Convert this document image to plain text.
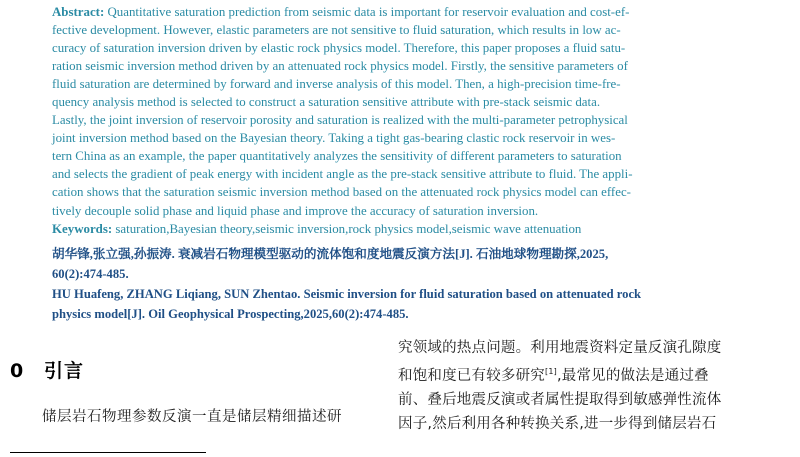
Abstract: Quantitative saturation prediction from seismic data is important for reservoir evaluation and cost-ef-

fective development. However, elastic parameters are not sensitive to fluid saturation, which results in low ac-

curacy of saturation inversion driven by elastic rock physics model. Therefore, this paper proposes a fluid satu-

ration seismic inversion method driven by an attenuated rock physics model. Firstly, the sensitive parameters of

fluid saturation are determined by forward and inverse analysis of this model. Then, a high-precision time-fre-

quency analysis method is selected to construct a saturation sensitive attribute with pre-stack seismic data.

Lastly, the joint inversion of reservoir porosity and saturation is realized with the multi-parameter petrophysical

joint inversion method based on the Bayesian theory. Taking a tight gas-bearing clastic rock reservoir in wes-

tern China as an example, the paper quantitatively analyzes the sensitivity of different parameters to saturation

and selects the gradient of peak energy with incident angle as the pre-stack sensitive attribute to fluid. The appli-

cation shows that the saturation seismic inversion method based on the attenuated rock physics model can effec-

tively decouple solid phase and liquid phase and improve the accuracy of saturation inversion.

Keywords: saturation,Bayesian theory,seismic inversion,rock physics model,seismic wave attenuation

胡华锋,张立强,孙振涛. 衰减岩石物理模型驱动的流体饱和度地震反演方法[J]. 石油地球物理勘探,2025,

60(2):474-485.

HU Huafeng, ZHANG Liqiang, SUN Zhentao. Seismic inversion for fluid saturation based on attenuated rock

physics model[J]. Oil Geophysical Prospecting,2025,60(2):474-485.

0 引言

储层岩石物理参数反演一直是储层精细描述研

究领域的热点问题。利用地震资料定量反演孔隙度

和饱和度已有较多研究[1],最常见的做法是通过叠

前、叠后地震反演或者属性提取得到敏感弹性流体

因子,然后利用各种转换关系,进一步得到储层岩石
